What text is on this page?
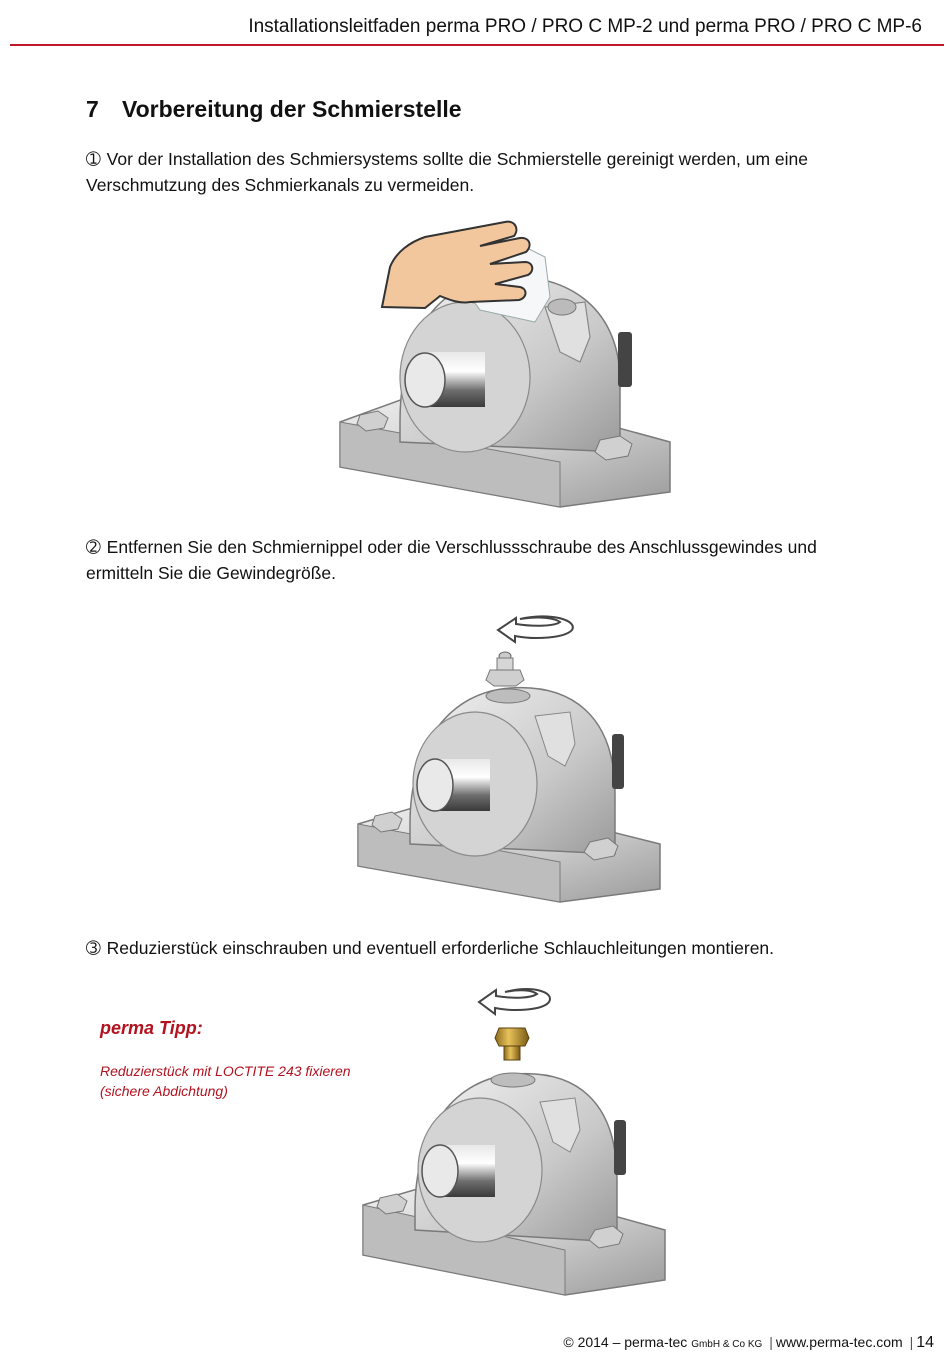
Installationsleitfaden perma PRO / PRO C MP-2 und perma PRO / PRO C MP-6
7 Vorbereitung der Schmierstelle
➀ Vor der Installation des Schmiersystems sollte die Schmierstelle gereinigt werden, um eine Verschmutzung des Schmierkanals zu vermeiden.
➁ Entfernen Sie den Schmiernippel oder die Verschlussschraube des Anschlussgewindes und ermitteln Sie die Gewindegröße.
➂ Reduzierstück einschrauben und eventuell erforderliche Schlauchleitungen montieren.
perma Tipp:
Reduzierstück mit LOCTITE 243 fixieren
(sichere Abdichtung)
© 2014 – perma-tec GmbH & Co KG | www.perma-tec.com | 14
